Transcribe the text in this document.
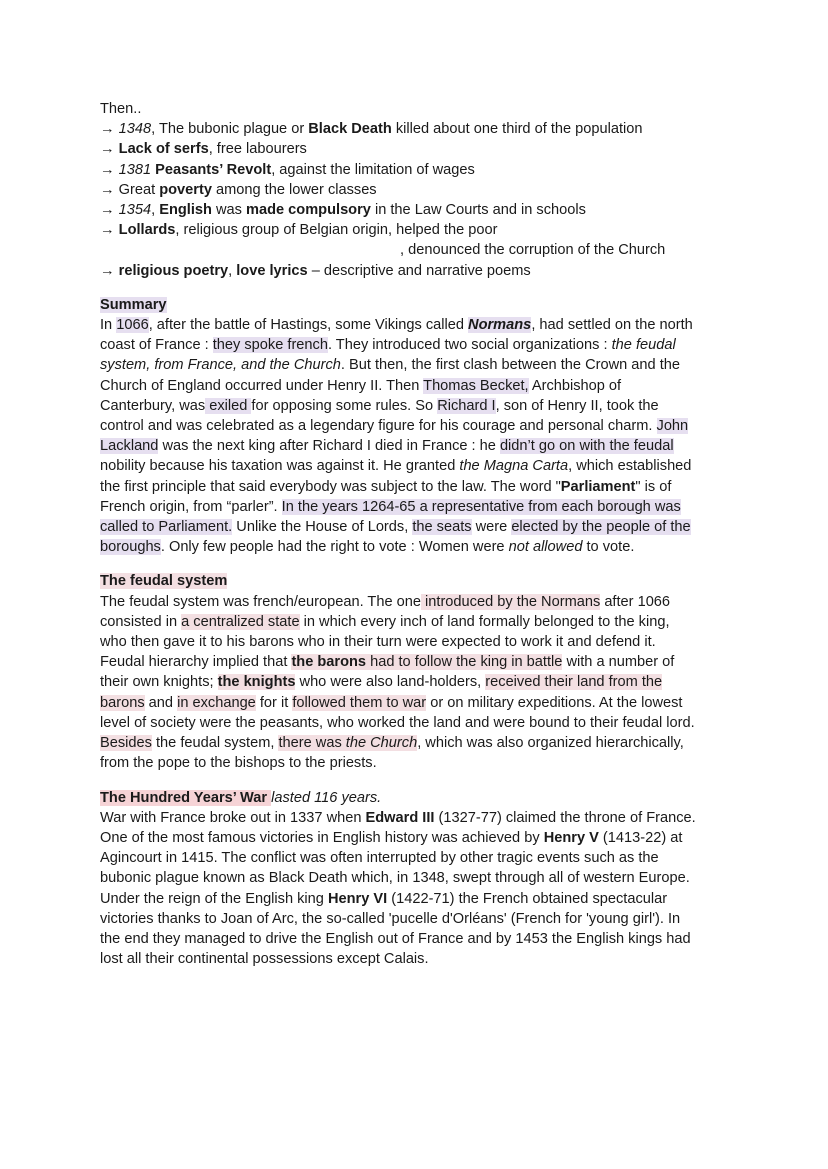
Then..
→ 1348, The bubonic plague or Black Death killed about one third of the population
→ Lack of serfs, free labourers
→ 1381 Peasants’ Revolt, against the limitation of wages
→ Great poverty among the lower classes
→ 1354, English was made compulsory in the Law Courts and in schools
→ Lollards, religious group of Belgian origin, helped the poor
, denounced the corruption of the Church
→ religious poetry, love lyrics – descriptive and narrative poems
Summary
In 1066, after the battle of Hastings, some Vikings called Normans, had settled on the north
coast of France : they spoke french. They introduced two social organizations : the feudal
system, from France, and the Church. But then, the first clash between the Crown and the
Church of England occurred under Henry II. Then Thomas Becket, Archbishop of
Canterbury, was exiled for opposing some rules. So Richard I, son of Henry II, took the
control and was celebrated as a legendary figure for his courage and personal charm. John
Lackland was the next king after Richard I died in France : he didn’t go on with the feudal
nobility because his taxation was against it. He granted the Magna Carta, which established
the first principle that said everybody was subject to the law. The word "Parliament" is of
French origin, from “parler”. In the years 1264-65 a representative from each borough was
called to Parliament. Unlike the House of Lords, the seats were elected by the people of the
boroughs. Only few people had the right to vote : Women were not allowed to vote.
The feudal system
The feudal system was french/european. The one introduced by the Normans after 1066
consisted in a centralized state in which every inch of land formally belonged to the king,
who then gave it to his barons who in their turn were expected to work it and defend it.
Feudal hierarchy implied that the barons had to follow the king in battle with a number of
their own knights; the knights who were also land-holders, received their land from the
barons and in exchange for it followed them to war or on military expeditions. At the lowest
level of society were the peasants, who worked the land and were bound to their feudal lord.
Besides the feudal system, there was the Church, which was also organized hierarchically,
from the pope to the bishops to the priests.
The Hundred Years’ War lasted 116 years.
War with France broke out in 1337 when Edward III (1327-77) claimed the throne of France.
One of the most famous victories in English history was achieved by Henry V (1413-22) at
Agincourt in 1415. The conflict was often interrupted by other tragic events such as the
bubonic plague known as Black Death which, in 1348, swept through all of western Europe.
Under the reign of the English king Henry VI (1422-71) the French obtained spectacular
victories thanks to Joan of Arc, the so-called 'pucelle d'Orléans' (French for 'young girl'). In
the end they managed to drive the English out of France and by 1453 the English kings had
lost all their continental possessions except Calais.
